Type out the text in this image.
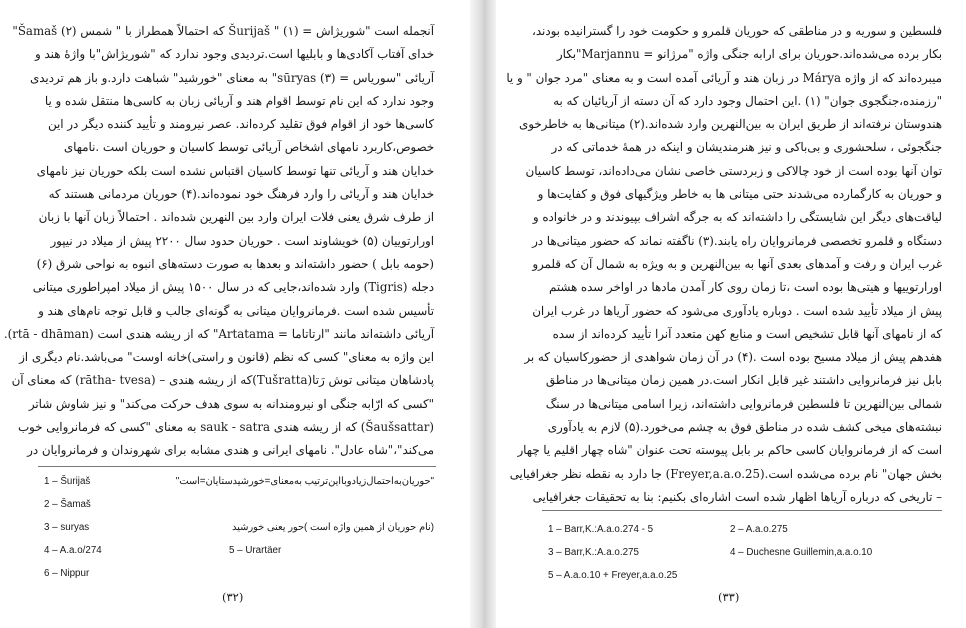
آنجمله است "شوریژاش = Šurijaš " (۱) که احتمالاً همطراز با " شمس (۲) Šamaš"
خدای آفتاب آکادی‌ها و بابلیها است.تردیدی وجود ندارد که "شوریژاش"با واژهٔ هند و
آریائی "سوریاس = sūryas (۳)" به معنای "خورشید" شباهت دارد.و باز هم تردیدی
وجود ندارد که این نام توسط اقوام هند و آریائی زبان به کاسی‌ها منتقل شده و یا
کاسی‌ها خود از اقوام فوق تقلید کرده‌اند. عصر نیرومند و تأیید کننده دیگر در این
خصوص،کاربرد نامهای اشخاص آریائی توسط کاسیان و حوریان است .نامهای
خدایان هند و آریائی تنها توسط کاسیان اقتباس نشده است بلکه حوریان نیز نامهای
خدایان هند و آریائی را وارد فرهنگ خود نموده‌اند.(۴) حوریان مردمانی هستند که
از طرف شرق یعنی فلات ایران وارد بین النهرین شده‌اند . احتمالاً زبان آنها با زبان
اورارتوییان (۵) خویشاوند است . حوریان حدود سال ۲۲۰۰ پیش از میلاد در نیپور
(حومه بابل ) حضور داشته‌اند و بعدها به صورت دسته‌های انبوه به نواحی شرق (۶)
دجله (Tigris) وارد شده‌اند،جایی که در سال ۱۵۰۰ پیش از میلاد امپراطوری میتانی
تأسیس شده است .فرمانروایان میتانی به گونه‌ای جالب و قابل توجه نام‌های هند و
آریائی داشته‌اند مانند "ارتاتاما = Artatama" که از ریشه هندی است (rtā - dhāman).
این واژه به معنای" کسی که نظم (قانون و راستی)خانه اوست" می‌باشد.نام دیگری از
پادشاهان میتانی توش رَتا(Tušratta)که از ریشه هندی – (rātha- tvesa) که معنای آن
"کسی که ارّابه جنگی او نیرومند‌انه به سوی هدف حرکت می‌کند" و نیز شاوش شاتر
(Šaušsattar) که از ریشه هندی sauk - satra به معنای "کسی که فرمانروایی خوب
می‌کند"،"شاه عادل". نامهای ایرانی و هندی مشابه برای شهروندان و فرمانروایان در
1 – Šurijaš	"حوریان‌به‌احتمال‌زیادو‌بااین‌ترتیب به‌معنای=خورشیدستایان=است"
2 – Šamaš
3 – suryas	(نام حوریان از همین واژه است )حور یعنی خورشید
4 – A.a.o/274	5 – Urartäer
6 – Nippur
(۳۲)
فلسطین و سوریه و در مناطقی که حوریان قلمرو و حکومت خود را گسترانیده بودند،
بکار برده می‌شده‌اند.حوریان برای ارابه جنگی واژه "مرژانو = Marjannu"بکار
میبرده‌اند که از واژه Márya در زبان هند و آریائی آمده است و به معنای "مرد جوان " و یا
"رزمنده،جنگجوی جوان" (۱) .این احتمال وجود دارد که آن دسته از آریائیان که به
هندوستان نرفته‌اند از طریق ایران به بین‌النهرین وارد شده‌اند.(۲) میتانی‌ها به خاطرخوی
جنگجوئی ، سلحشوری و بی‌باکی و نیز هنرمندیشان و اینکه در همهٔ خدماتی که در
توان آنها بوده است از خود چالاکی و زبردستی خاصی نشان می‌داده‌اند، توسط کاسیان
و حوریان به کارگمارده می‌شدند حتی میتانی ها به خاطر ویژگیهای فوق و کفایت‌ها و
لیاقت‌های دیگر این شایستگی را داشته‌اند که به جرگه اشراف بپیوندند و در خانواده و
دستگاه و قلمرو تخصصی فرمانروایان راه یابند.(۳) ناگفته نماند که حضور میتانی‌ها در
غرب ایران و رفت و آمدهای بعدی آنها به بین‌النهرین و به ویژه به شمال آن که قلمرو
اورارتوییها و هیتی‌ها بوده است ،تا زمان روی کار آمدن مادها در اواخر سده هشتم
پیش از میلاد تأیید شده است . دوباره یادآوری می‌شود که حضور آریاها در غرب ایران
که از نامهای آنها قابل تشخیص است و منابع کهن متعدد آنرا تأیید کرده‌اند از سده
هفدهم پیش از میلاد مسیح بوده است .(۴) در آن زمان شواهدی از حضورکاسیان که بر
بابل نیز فرمانروایی داشتند غیر قابل انکار است.در همین زمان میتانی‌ها در مناطق
شمالی بین‌النهرین تا فلسطین فرمانروایی داشته‌اند، زیرا اسامی میتانی‌ها در سنگ
نبشته‌های میخی کشف شده در مناطق فوق به چشم می‌خورد.(۵) لازم به یادآوری
است که از فرمانروایان کاسی حاکم بر بابل پیوسته تحت عنوان "شاه چهار اقلیم یا چهار
بخش جهان" نام برده می‌شده است.(Freyer,a.a.o.25) جا دارد به نقطه نظر جغرافیایی
– تاریخی که درباره آریاها اظهار شده است اشاره‌ای بکنیم: بنا به تحقیقات جغرافیایی
1 – Barr,K.:A.a.o.274 - 5	2 – A.a.o.275
3 – Barr,K.:A.a.o.275	4 – Duchesne Guillemin,a.a.o.10
5 – A.a.o.10 + Freyer,a.a.o.25
(۳۳)
